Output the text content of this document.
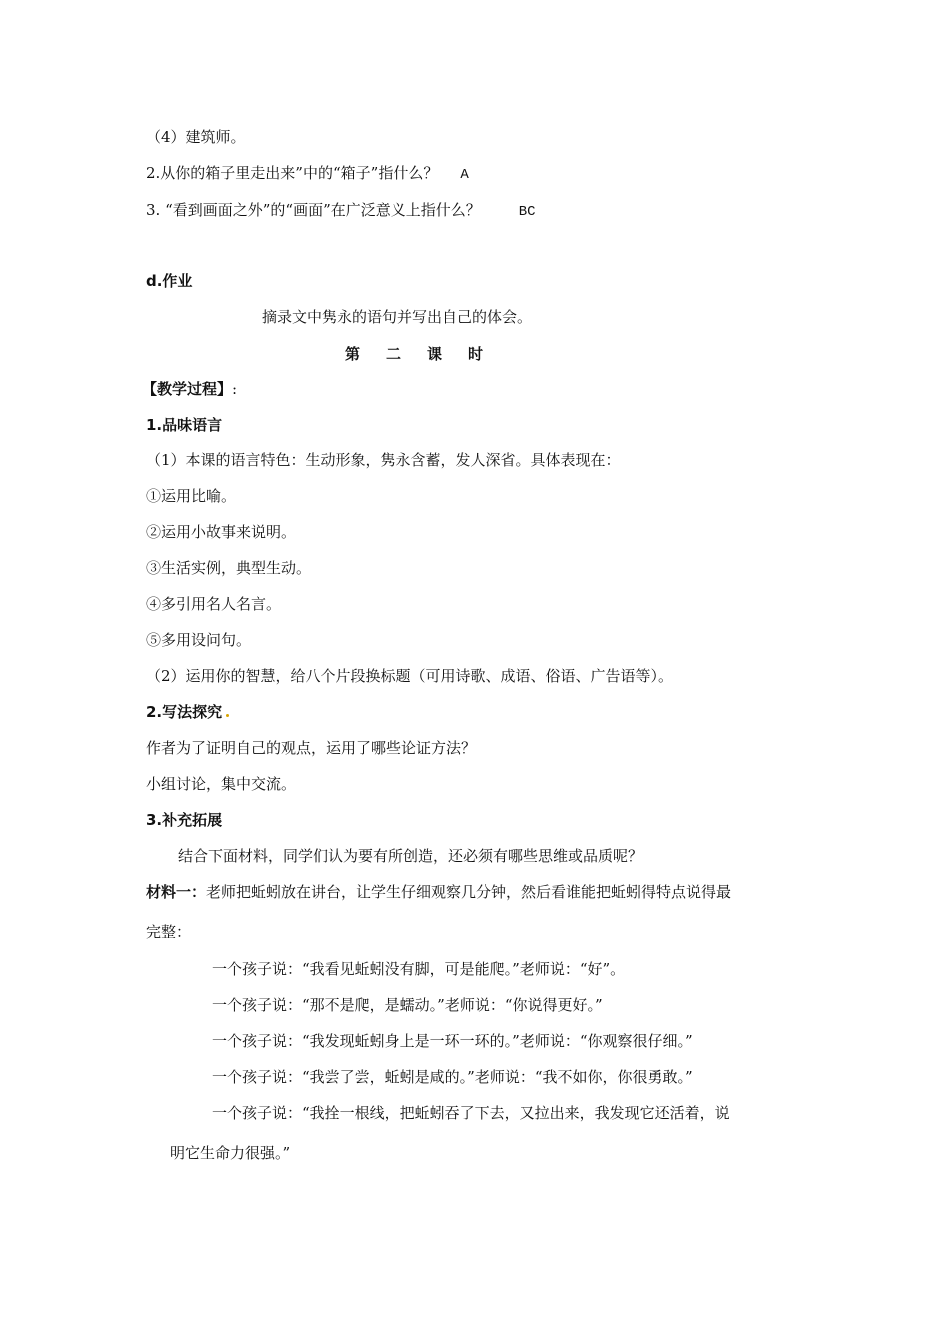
（4）建筑师。
2.从你的箱子里走出来”中的“箱子”指什么？ A
3. “看到画面之外”的“画面”在广泛意义上指什么？	BC
d.作业
摘录文中隽永的语句并写出自己的体会。
第二课时
【教学过程】:
1.品味语言
（1）本课的语言特色：生动形象，隽永含蓄，发人深省。具体表现在：
①运用比喻。
②运用小故事来说明。
③生活实例，典型生动。
④多引用名人名言。
⑤多用设问句。
（2）运用你的智慧，给八个片段换标题（可用诗歌、成语、俗语、广告语等）。
2.写法探究
作者为了证明自己的观点，运用了哪些论证方法？
小组讨论，集中交流。
3.补充拓展
结合下面材料，同学们认为要有所创造，还必须有哪些思维或品质呢？
材料一：老师把蚯蚓放在讲台，让学生仔细观察几分钟，然后看谁能把蚯蚓得特点说得最
完整：
一个孩子说：“我看见蚯蚓没有脚，可是能爬。”老师说：“好”。
一个孩子说：“那不是爬，是蠕动。”老师说：“你说得更好。”
一个孩子说：“我发现蚯蚓身上是一环一环的。”老师说：“你观察很仔细。”
一个孩子说：“我尝了尝，蚯蚓是咸的。”老师说：“我不如你，你很勇敢。”
一个孩子说：“我拴一根线，把蚯蚓吞了下去，又拉出来，我发现它还活着，说
明它生命力很强。”
